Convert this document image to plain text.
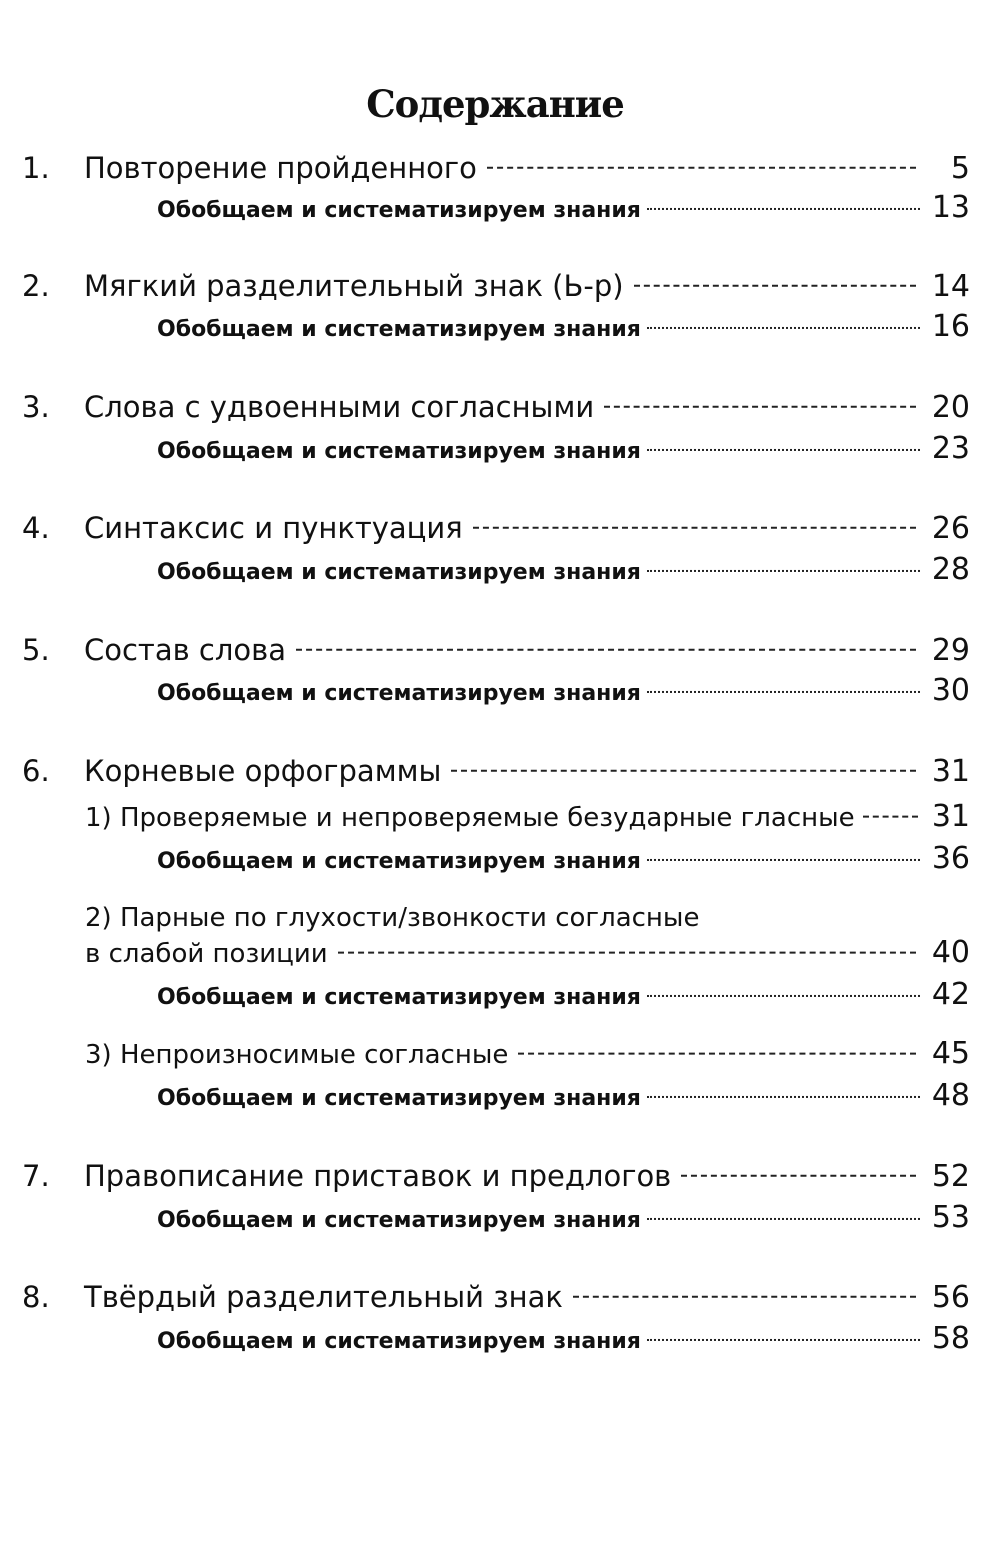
Содержание
1. Повторение пройденного	5
Обобщаем и систематизируем знания	13
2. Мягкий разделительный знак (Ь-р)	14
Обобщаем и систематизируем знания	16
3. Слова с удвоенными согласными	20
Обобщаем и систематизируем знания	23
4. Синтаксис и пунктуация	26
Обобщаем и систематизируем знания	28
5. Состав слова	29
Обобщаем и систематизируем знания	30
6. Корневые орфограммы	31
1) Проверяемые и непроверяемые безударные гласные	31
Обобщаем и систематизируем знания	36
2) Парные по глухости/звонкости согласные
в слабой позиции	40
Обобщаем и систематизируем знания	42
3) Непроизносимые согласные	45
Обобщаем и систематизируем знания	48
7. Правописание приставок и предлогов	52
Обобщаем и систематизируем знания	53
8. Твёрдый разделительный знак	56
Обобщаем и систематизируем знания	58
